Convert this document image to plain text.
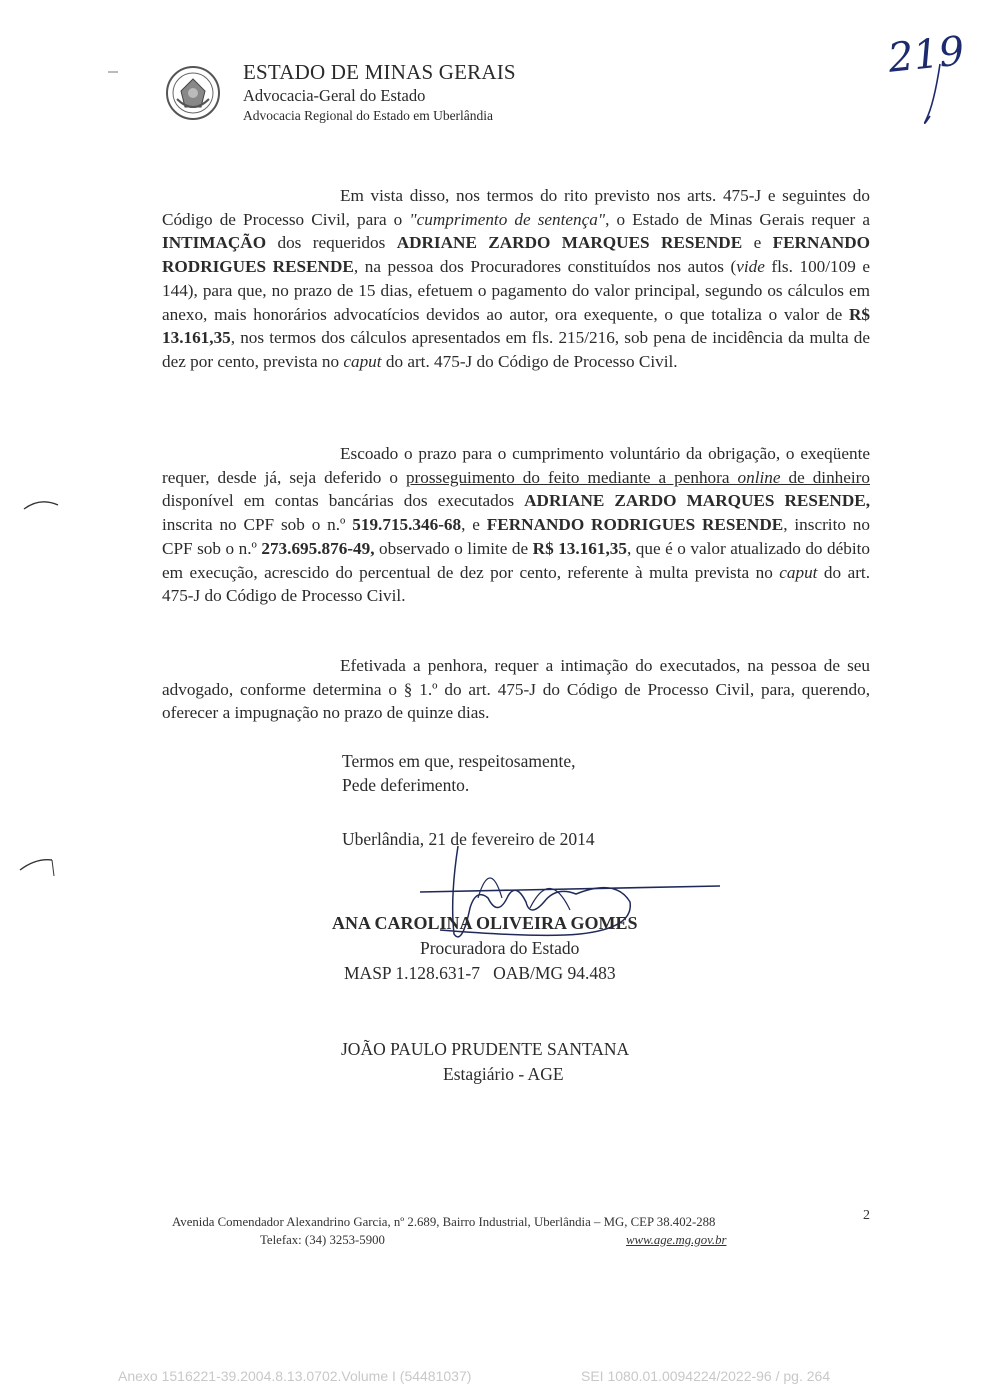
ESTADO DE MINAS GERAIS
Advocacia-Geral do Estado
Advocacia Regional do Estado em Uberlândia
219
Em vista disso, nos termos do rito previsto nos arts. 475-J e seguintes do Código de Processo Civil, para o "cumprimento de sentença", o Estado de Minas Gerais requer a INTIMAÇÃO dos requeridos ADRIANE ZARDO MARQUES RESENDE e FERNANDO RODRIGUES RESENDE, na pessoa dos Procuradores constituídos nos autos (vide fls. 100/109 e 144), para que, no prazo de 15 dias, efetuem o pagamento do valor principal, segundo os cálculos em anexo, mais honorários advocatícios devidos ao autor, ora exequente, o que totaliza o valor de R$ 13.161,35, nos termos dos cálculos apresentados em fls. 215/216, sob pena de incidência da multa de dez por cento, prevista no caput do art. 475-J do Código de Processo Civil.
Escoado o prazo para o cumprimento voluntário da obrigação, o exeqüente requer, desde já, seja deferido o prosseguimento do feito mediante a penhora online de dinheiro disponível em contas bancárias dos executados ADRIANE ZARDO MARQUES RESENDE, inscrita no CPF sob o n.º 519.715.346-68, e FERNANDO RODRIGUES RESENDE, inscrito no CPF sob o n.º 273.695.876-49, observado o limite de R$ 13.161,35, que é o valor atualizado do débito em execução, acrescido do percentual de dez por cento, referente à multa prevista no caput do art. 475-J do Código de Processo Civil.
Efetivada a penhora, requer a intimação do executados, na pessoa de seu advogado, conforme determina o § 1.º do art. 475-J do Código de Processo Civil, para, querendo, oferecer a impugnação no prazo de quinze dias.
Termos em que, respeitosamente,
Pede deferimento.
Uberlândia, 21 de fevereiro de 2014
ANA CAROLINA OLIVEIRA GOMES
Procuradora do Estado
MASP 1.128.631-7   OAB/MG 94.483
JOÃO PAULO PRUDENTE SANTANA
Estagiário - AGE
Avenida Comendador Alexandrino Garcia, nº 2.689, Bairro Industrial, Uberlândia – MG, CEP 38.402-288
Telefax: (34) 3253-5900	www.age.mg.gov.br
2
Anexo 1516221-39.2004.8.13.0702.Volume I (54481037)	SEI 1080.01.0094224/2022-96 / pg. 264
